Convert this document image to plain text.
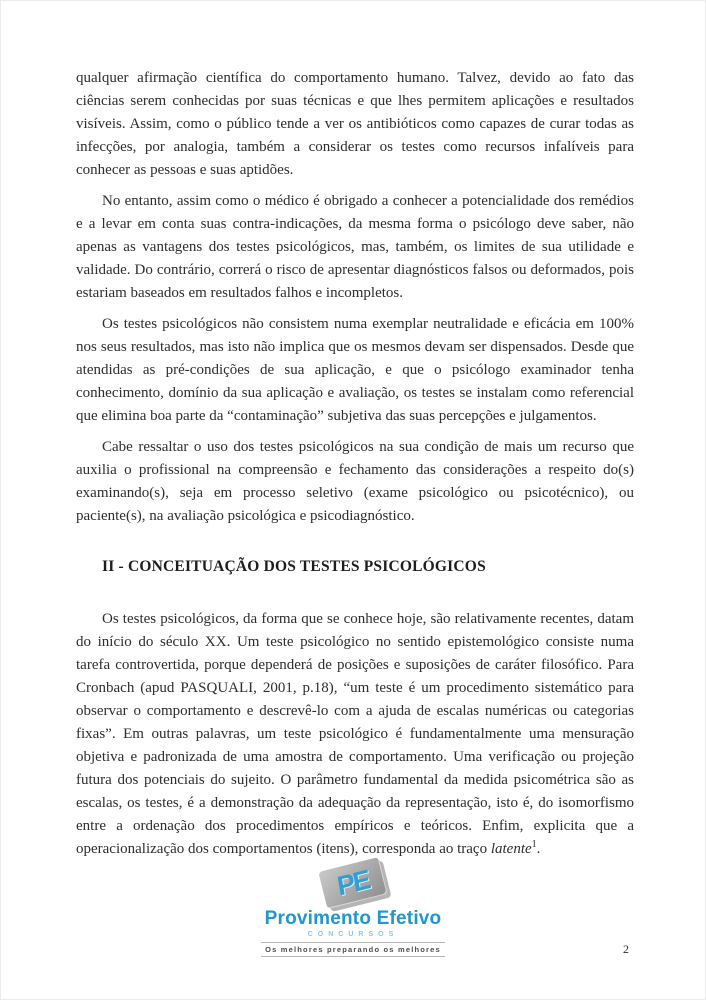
qualquer afirmação científica do comportamento humano. Talvez, devido ao fato das ciências serem conhecidas por suas técnicas e que lhes permitem aplicações e resultados visíveis. Assim, como o público tende a ver os antibióticos como capazes de curar todas as infecções, por analogia, também a considerar os testes como recursos infalíveis para conhecer as pessoas e suas aptidões.

No entanto, assim como o médico é obrigado a conhecer a potencialidade dos remédios e a levar em conta suas contra-indicações, da mesma forma o psicólogo deve saber, não apenas as vantagens dos testes psicológicos, mas, também, os limites de sua utilidade e validade. Do contrário, correrá o risco de apresentar diagnósticos falsos ou deformados, pois estariam baseados em resultados falhos e incompletos.

Os testes psicológicos não consistem numa exemplar neutralidade e eficácia em 100% nos seus resultados, mas isto não implica que os mesmos devam ser dispensados. Desde que atendidas as pré-condições de sua aplicação, e que o psicólogo examinador tenha conhecimento, domínio da sua aplicação e avaliação, os testes se instalam como referencial que elimina boa parte da “contaminação” subjetiva das suas percepções e julgamentos.

Cabe ressaltar o uso dos testes psicológicos na sua condição de mais um recurso que auxilia o profissional na compreensão e fechamento das considerações a respeito do(s) examinando(s), seja em processo seletivo (exame psicológico ou psicotécnico), ou paciente(s), na avaliação psicológica e psicodiagnóstico.

II - CONCEITUAÇÃO DOS TESTES PSICOLÓGICOS

Os testes psicológicos, da forma que se conhece hoje, são relativamente recentes, datam do início do século XX. Um teste psicológico no sentido epistemológico consiste numa tarefa controvertida, porque dependerá de posições e suposições de caráter filosófico. Para Cronbach (apud PASQUALI, 2001, p.18), “um teste é um procedimento sistemático para observar o comportamento e descrevê-lo com a ajuda de escalas numéricas ou categorias fixas”. Em outras palavras, um teste psicológico é fundamentalmente uma mensuração objetiva e padronizada de uma amostra de comportamento. Uma verificação ou projeção futura dos potenciais do sujeito. O parâmetro fundamental da medida psicométrica são as escalas, os testes, é a demonstração da adequação da representação, isto é, do isomorfismo entre a ordenação dos procedimentos empíricos e teóricos. Enfim, explicita que a operacionalização dos comportamentos (itens), corresponda ao traço latente$^1$.

PE
Provimento Efetivo
CONCURSOS
Os melhores preparando os melhores	2
